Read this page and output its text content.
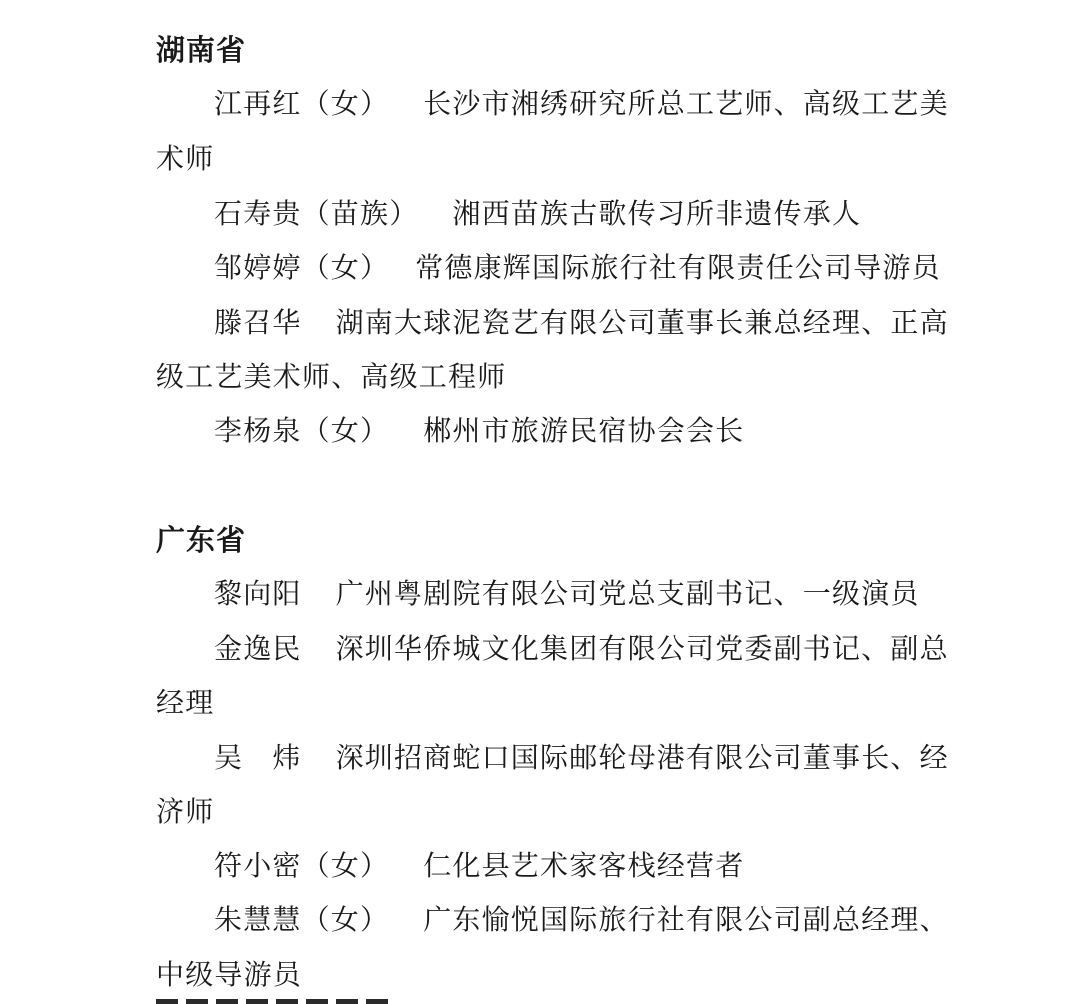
湖南省
江再红（女） 长沙市湘绣研究所总工艺师、高级工艺美
术师
石寿贵（苗族） 湘西苗族古歌传习所非遗传承人
邹婷婷（女） 常德康辉国际旅行社有限责任公司导游员
滕召华 湖南大球泥瓷艺有限公司董事长兼总经理、正高
级工艺美术师、高级工程师
李杨泉（女） 郴州市旅游民宿协会会长
广东省
黎向阳 广州粤剧院有限公司党总支副书记、一级演员
金逸民 深圳华侨城文化集团有限公司党委副书记、副总
经理
吴　炜 深圳招商蛇口国际邮轮母港有限公司董事长、经
济师
符小密（女） 仁化县艺术家客栈经营者
朱慧慧（女） 广东愉悦国际旅行社有限公司副总经理、
中级导游员
